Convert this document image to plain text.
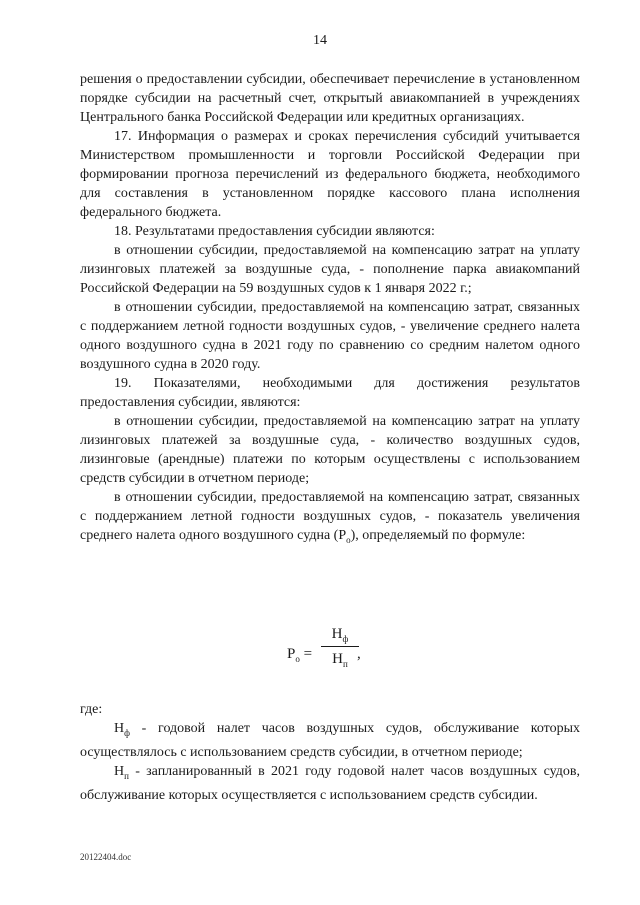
14

решения о предоставлении субсидии, обеспечивает перечисление в установленном порядке субсидии на расчетный счет, открытый авиакомпанией в учреждениях Центрального банка Российской Федерации или кредитных организациях.

17. Информация о размерах и сроках перечисления субсидий учитывается Министерством промышленности и торговли Российской Федерации при формировании прогноза перечислений из федерального бюджета, необходимого для составления в установленном порядке кассового плана исполнения федерального бюджета.

18. Результатами предоставления субсидии являются:

в отношении субсидии, предоставляемой на компенсацию затрат на уплату лизинговых платежей за воздушные суда, - пополнение парка авиакомпаний Российской Федерации на 59 воздушных судов к 1 января 2022 г.;

в отношении субсидии, предоставляемой на компенсацию затрат, связанных с поддержанием летной годности воздушных судов, - увеличение среднего налета одного воздушного судна в 2021 году по сравнению со средним налетом одного воздушного судна в 2020 году.

19. Показателями, необходимыми для достижения результатов предоставления субсидии, являются:

в отношении субсидии, предоставляемой на компенсацию затрат на уплату лизинговых платежей за воздушные суда, - количество воздушных судов, лизинговые (арендные) платежи по которым осуществлены с использованием средств субсидии в отчетном периоде;

в отношении субсидии, предоставляемой на компенсацию затрат, связанных с поддержанием летной годности воздушных судов, - показатель увеличения среднего налета одного воздушного судна $(Р_о)$, определяемый по формуле:

$Р_о$ =
$Н_ф$
$Н_п$
,

где:

$Н_ф$ - годовой налет часов воздушных судов, обслуживание которых осуществлялось с использованием средств субсидии, в отчетном периоде;

$Н_п$ - запланированный в 2021 году годовой налет часов воздушных судов, обслуживание которых осуществляется с использованием средств субсидии.

20122404.doc
